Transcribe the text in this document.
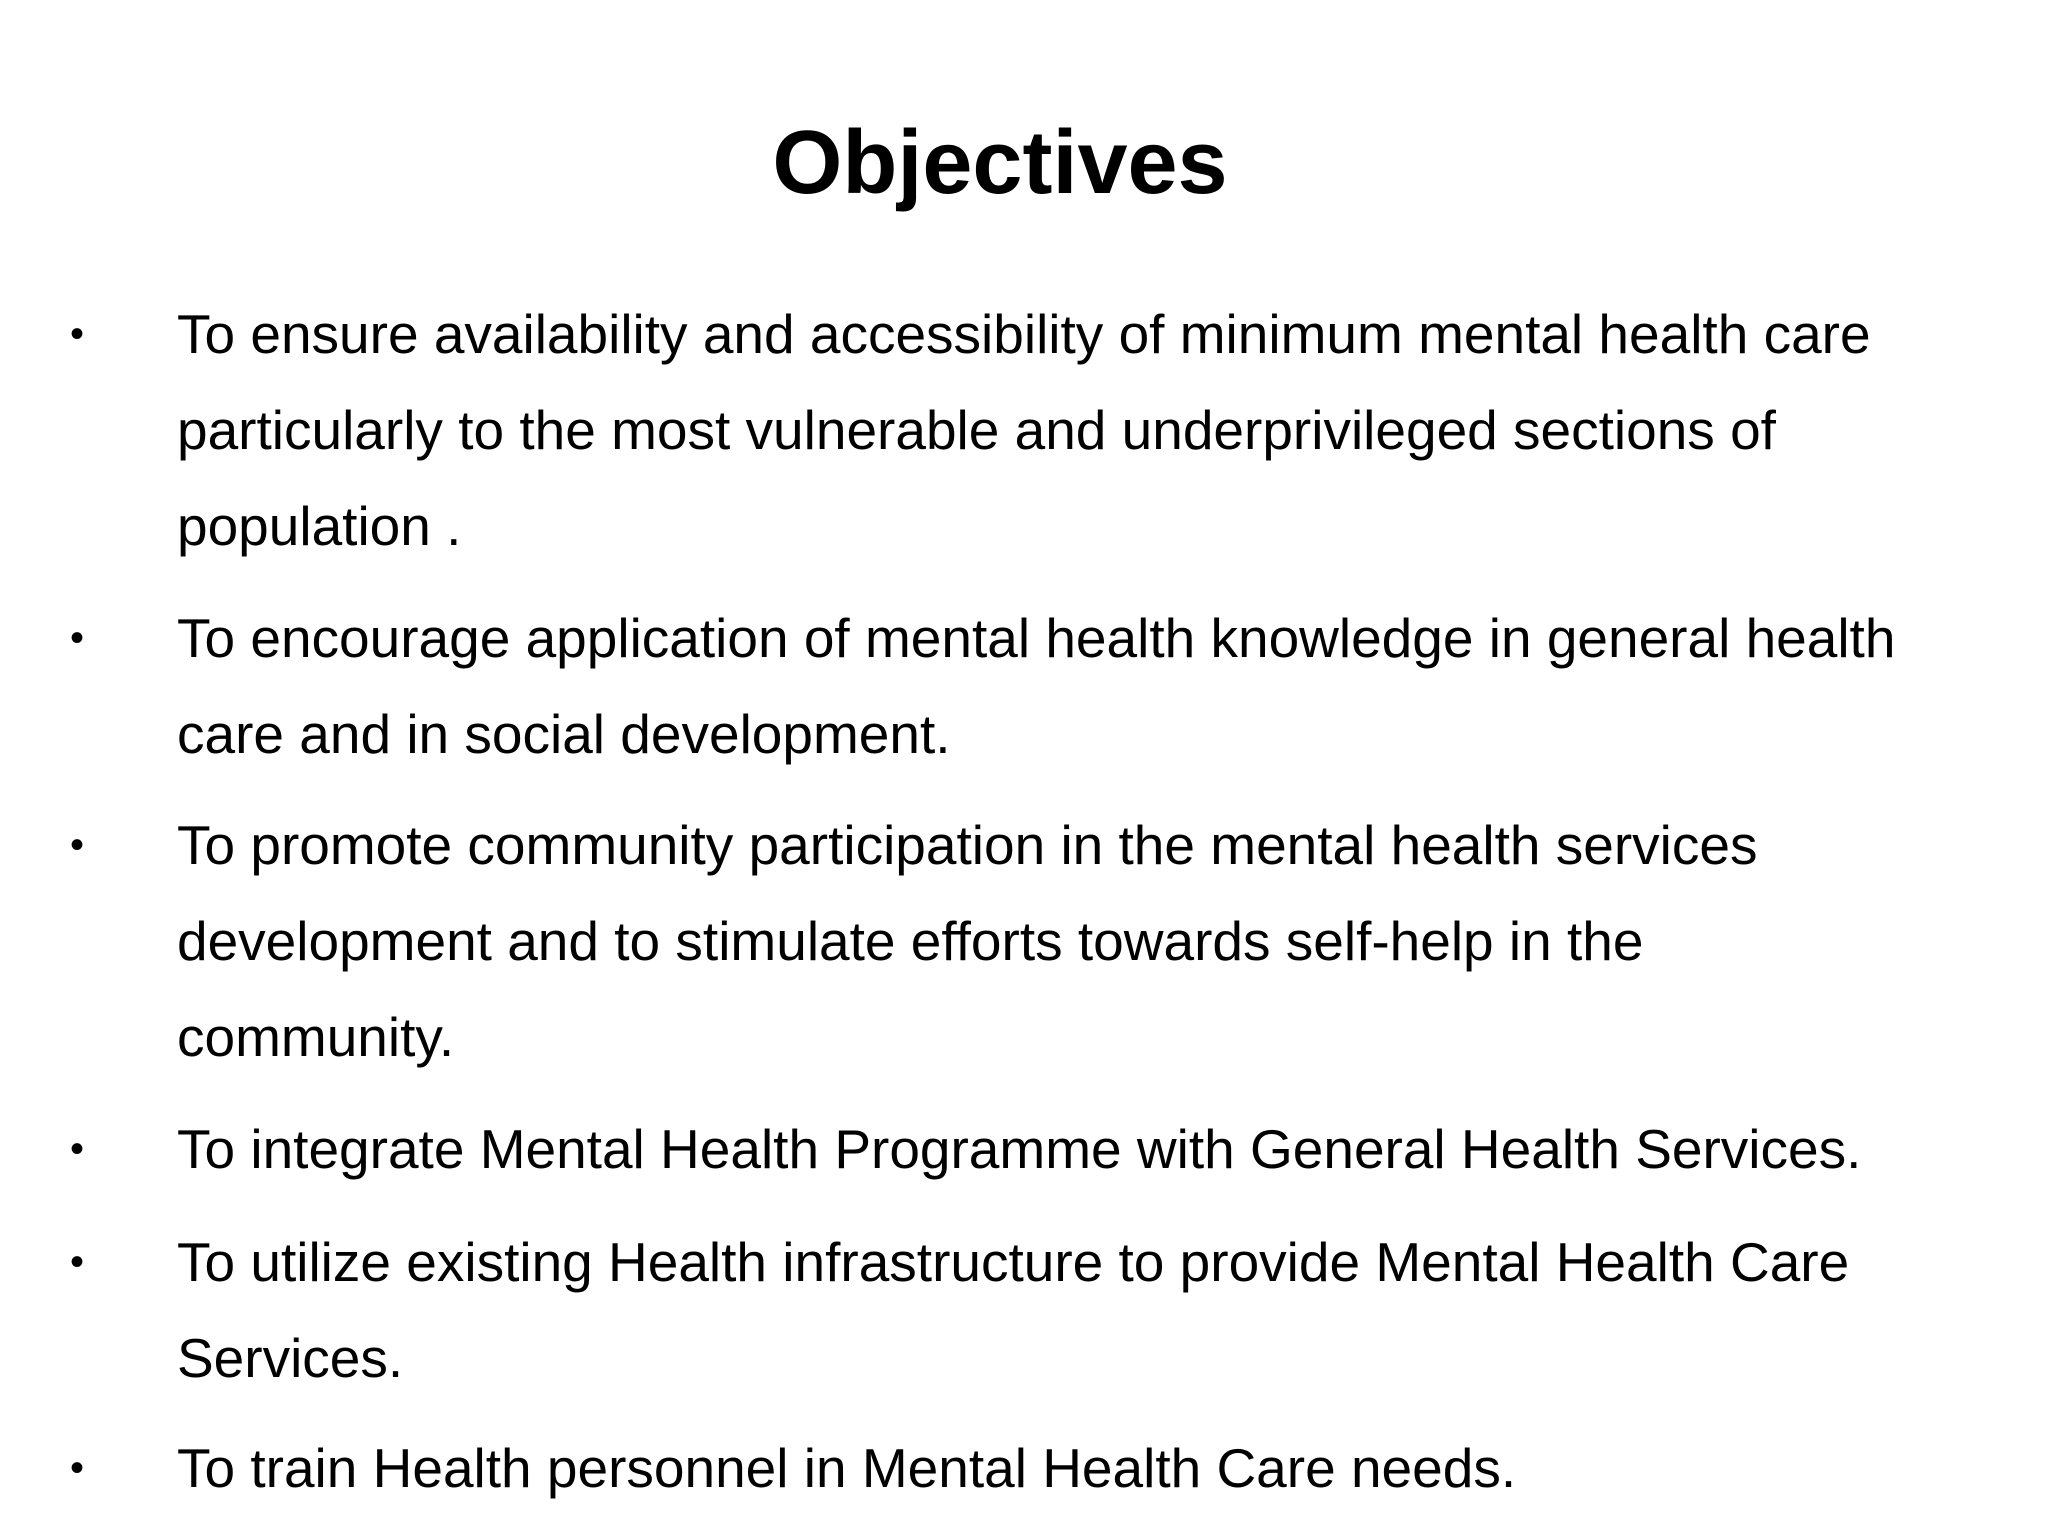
Objectives
• To ensure availability and accessibility of minimum mental health care
particularly to the most vulnerable and underprivileged sections of
population .
• To encourage application of mental health knowledge in general health
care and in social development.
• To promote community participation in the mental health services
development and to stimulate efforts towards self-help in the
community.
• To integrate Mental Health Programme with General Health Services.
• To utilize existing Health infrastructure to provide Mental Health Care
Services.
• To train Health personnel in Mental Health Care needs.
